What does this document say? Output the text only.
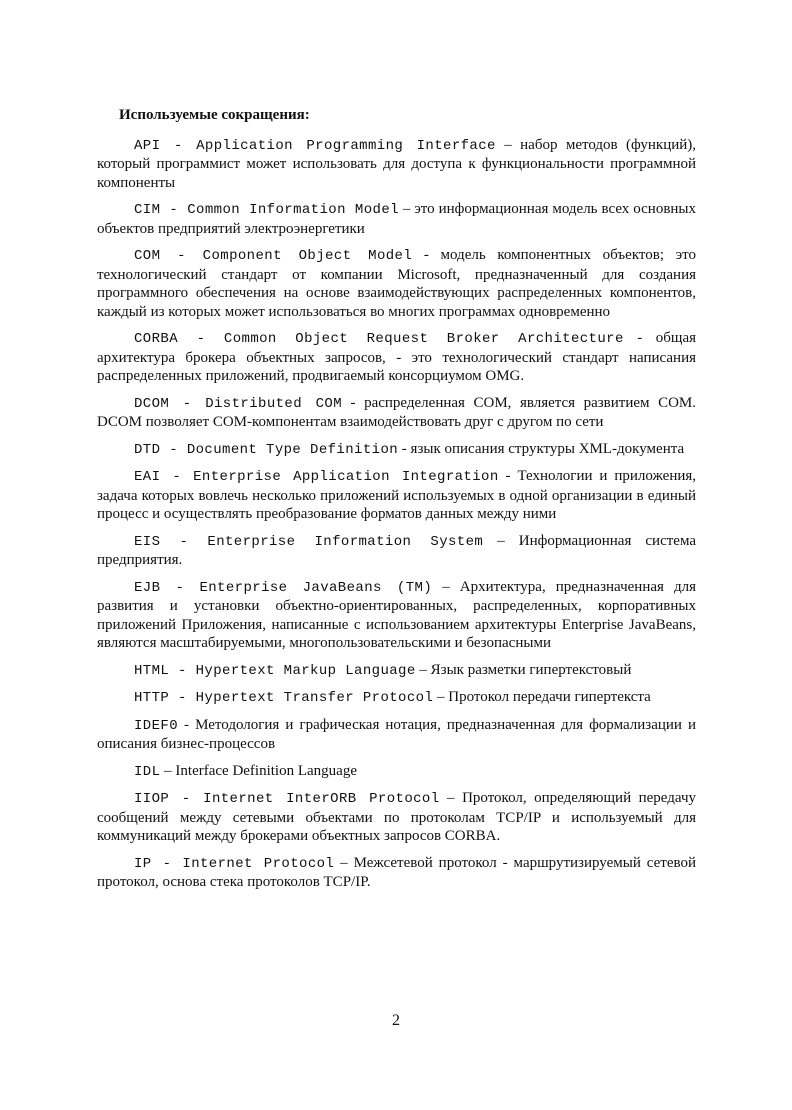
Используемые сокращения:

API - Application Programming Interface – набор методов (функций), который программист может использовать для доступа к функциональности программной компоненты

CIM - Common Information Model – это информационная модель всех основных объектов предприятий электроэнергетики

COM - Component Object Model - модель компонентных объектов; это технологический стандарт от компании Microsoft, предназначенный для создания программного обеспечения на основе взаимодействующих распределенных компонентов, каждый из которых может использоваться во многих программах одновременно

CORBA - Common Object Request Broker Architecture - общая архитектура брокера объектных запросов, - это технологический стандарт написания распределенных приложений, продвигаемый консорциумом OMG.

DCOM - Distributed COM - распределенная COM, является развитием COM. DCOM позволяет COM-компонентам взаимодействовать друг с другом по сети

DTD - Document Type Definition - язык описания структуры XML-документа

EAI - Enterprise Application Integration - Технологии и приложения, задача которых вовлечь несколько приложений используемых в одной организации в единый процесс и осуществлять преобразование форматов данных между ними

EIS - Enterprise Information System – Информационная система предприятия.

EJB - Enterprise JavaBeans (TM) – Архитектура, предназначенная для развития и установки объектно-ориентированных, распределенных, корпоративных приложений Приложения, написанные с использованием архитектуры Enterprise JavaBeans, являются масштабируемыми, многопользовательскими и безопасными

HTML - Hypertext Markup Language – Язык разметки гипертекстовый

HTTP - Hypertext Transfer Protocol – Протокол передачи гипертекста

IDEF0 - Методология и графическая нотация, предназначенная для формализации и описания бизнес-процессов

IDL – Interface Definition Language

IIOP - Internet InterORB Protocol – Протокол, определяющий передачу сообщений между сетевыми объектами по протоколам TCP/IP и используемый для коммуникаций между брокерами объектных запросов CORBA.

IP - Internet Protocol – Межсетевой протокол - маршрутизируемый сетевой протокол, основа стека протоколов TCP/IP.

2
